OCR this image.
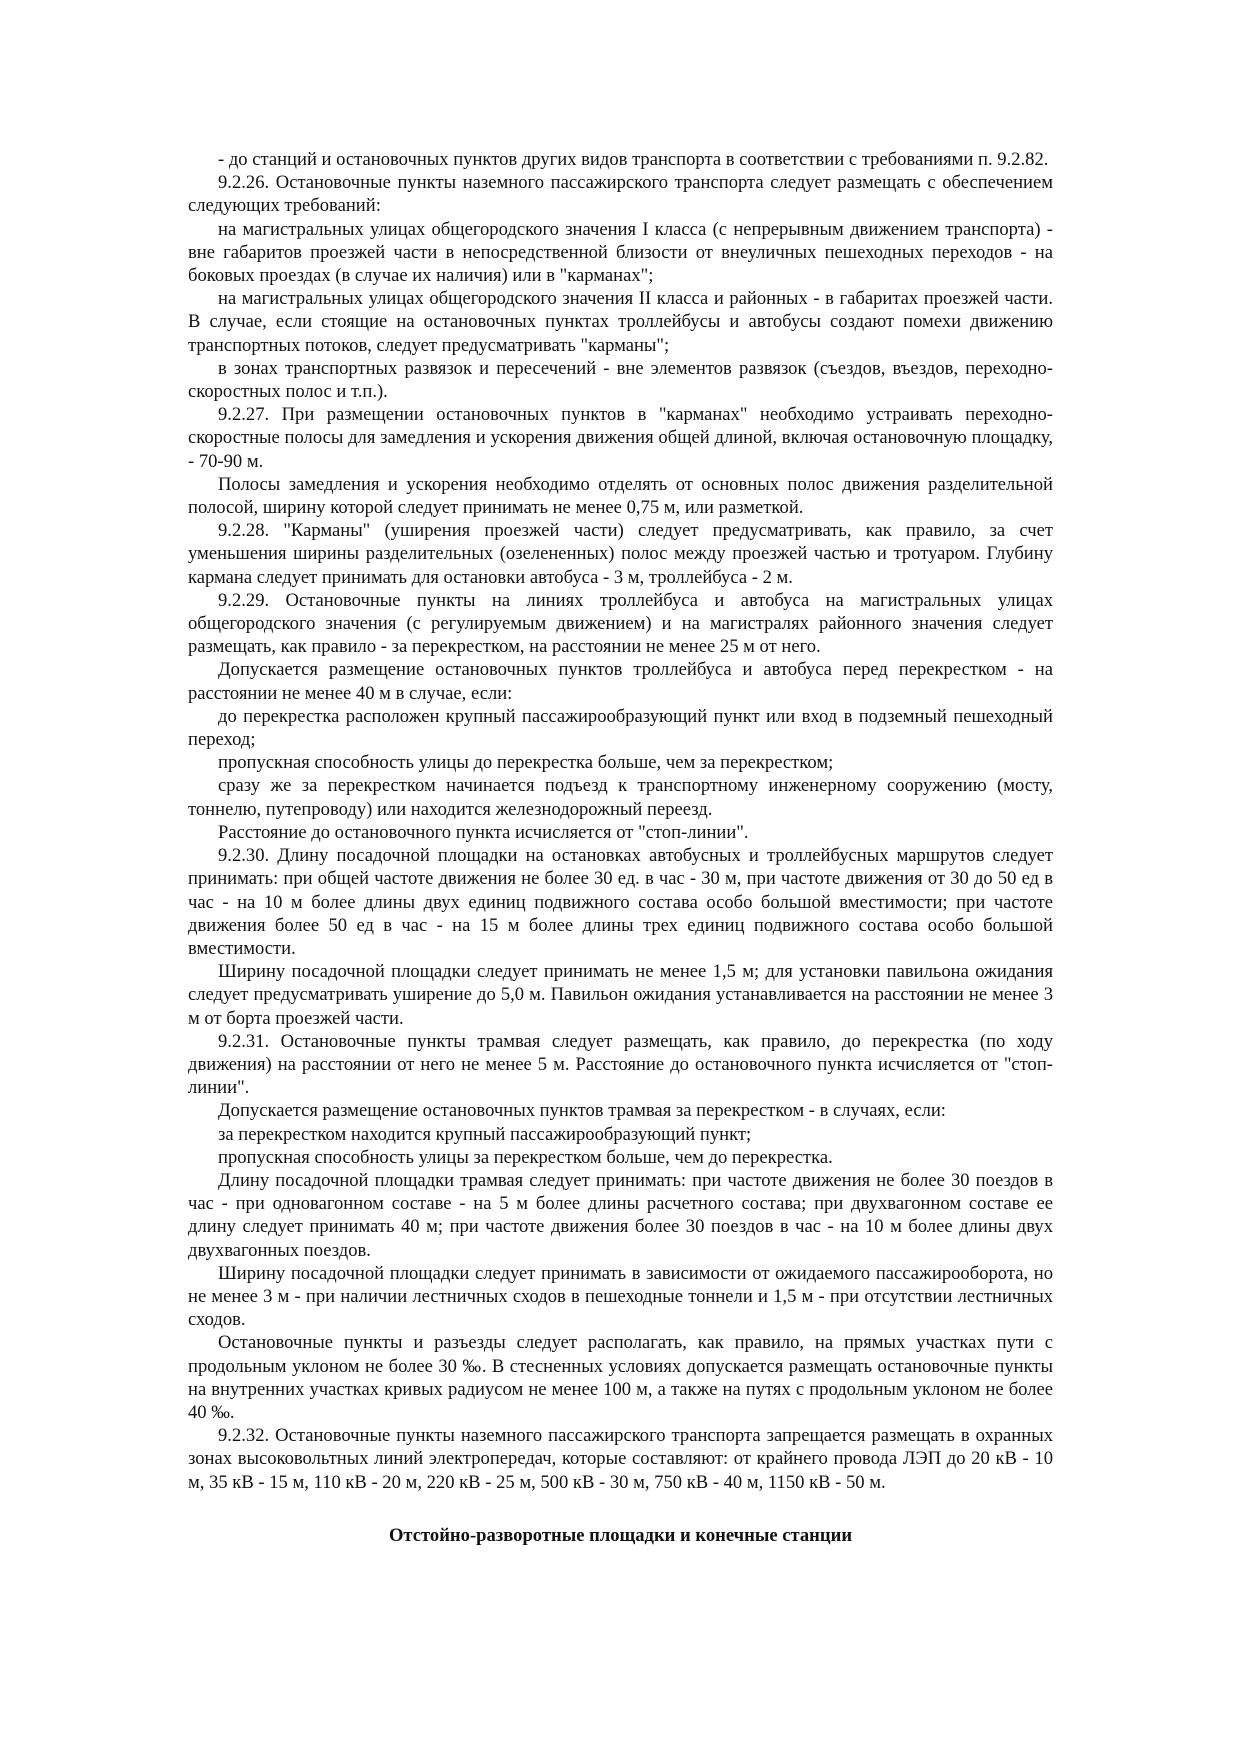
- до станций и остановочных пунктов других видов транспорта в соответствии с требованиями п. 9.2.82.

9.2.26. Остановочные пункты наземного пассажирского транспорта следует размещать с обеспечением следующих требований:

на магистральных улицах общегородского значения I класса (с непрерывным движением транспорта) - вне габаритов проезжей части в непосредственной близости от внеуличных пешеходных переходов - на боковых проездах (в случае их наличия) или в "карманах";

на магистральных улицах общегородского значения II класса и районных - в габаритах проезжей части. В случае, если стоящие на остановочных пунктах троллейбусы и автобусы создают помехи движению транспортных потоков, следует предусматривать "карманы";

в зонах транспортных развязок и пересечений - вне элементов развязок (съездов, въездов, переходно-скоростных полос и т.п.).

9.2.27. При размещении остановочных пунктов в "карманах" необходимо устраивать переходно-скоростные полосы для замедления и ускорения движения общей длиной, включая остановочную площадку, - 70-90 м.

Полосы замедления и ускорения необходимо отделять от основных полос движения разделительной полосой, ширину которой следует принимать не менее 0,75 м, или разметкой.

9.2.28. "Карманы" (уширения проезжей части) следует предусматривать, как правило, за счет уменьшения ширины разделительных (озелененных) полос между проезжей частью и тротуаром. Глубину кармана следует принимать для остановки автобуса - 3 м, троллейбуса - 2 м.

9.2.29. Остановочные пункты на линиях троллейбуса и автобуса на магистральных улицах общегородского значения (с регулируемым движением) и на магистралях районного значения следует размещать, как правило - за перекрестком, на расстоянии не менее 25 м от него.

Допускается размещение остановочных пунктов троллейбуса и автобуса перед перекрестком - на расстоянии не менее 40 м в случае, если:

до перекрестка расположен крупный пассажирообразующий пункт или вход в подземный пешеходный переход;

пропускная способность улицы до перекрестка больше, чем за перекрестком;

сразу же за перекрестком начинается подъезд к транспортному инженерному сооружению (мосту, тоннелю, путепроводу) или находится железнодорожный переезд.

Расстояние до остановочного пункта исчисляется от "стоп-линии".

9.2.30. Длину посадочной площадки на остановках автобусных и троллейбусных маршрутов следует принимать: при общей частоте движения не более 30 ед. в час - 30 м, при частоте движения от 30 до 50 ед в час - на 10 м более длины двух единиц подвижного состава особо большой вместимости; при частоте движения более 50 ед в час - на 15 м более длины трех единиц подвижного состава особо большой вместимости.

Ширину посадочной площадки следует принимать не менее 1,5 м; для установки павильона ожидания следует предусматривать уширение до 5,0 м. Павильон ожидания устанавливается на расстоянии не менее 3 м от борта проезжей части.

9.2.31. Остановочные пункты трамвая следует размещать, как правило, до перекрестка (по ходу движения) на расстоянии от него не менее 5 м. Расстояние до остановочного пункта исчисляется от "стоп-линии".

Допускается размещение остановочных пунктов трамвая за перекрестком - в случаях, если:

за перекрестком находится крупный пассажирообразующий пункт;

пропускная способность улицы за перекрестком больше, чем до перекрестка.

Длину посадочной площадки трамвая следует принимать: при частоте движения не более 30 поездов в час - при одновагонном составе - на 5 м более длины расчетного состава; при двухвагонном составе ее длину следует принимать 40 м; при частоте движения более 30 поездов в час - на 10 м более длины двух двухвагонных поездов.

Ширину посадочной площадки следует принимать в зависимости от ожидаемого пассажирооборота, но не менее 3 м - при наличии лестничных сходов в пешеходные тоннели и 1,5 м - при отсутствии лестничных сходов.

Остановочные пункты и разъезды следует располагать, как правило, на прямых участках пути с продольным уклоном не более 30 ‰. В стесненных условиях допускается размещать остановочные пункты на внутренних участках кривых радиусом не менее 100 м, а также на путях с продольным уклоном не более 40 ‰.

9.2.32. Остановочные пункты наземного пассажирского транспорта запрещается размещать в охранных зонах высоковольтных линий электропередач, которые составляют: от крайнего провода ЛЭП до 20 кВ - 10 м, 35 кВ - 15 м, 110 кВ - 20 м, 220 кВ - 25 м, 500 кВ - 30 м, 750 кВ - 40 м, 1150 кВ - 50 м.

Отстойно-разворотные площадки и конечные станции
